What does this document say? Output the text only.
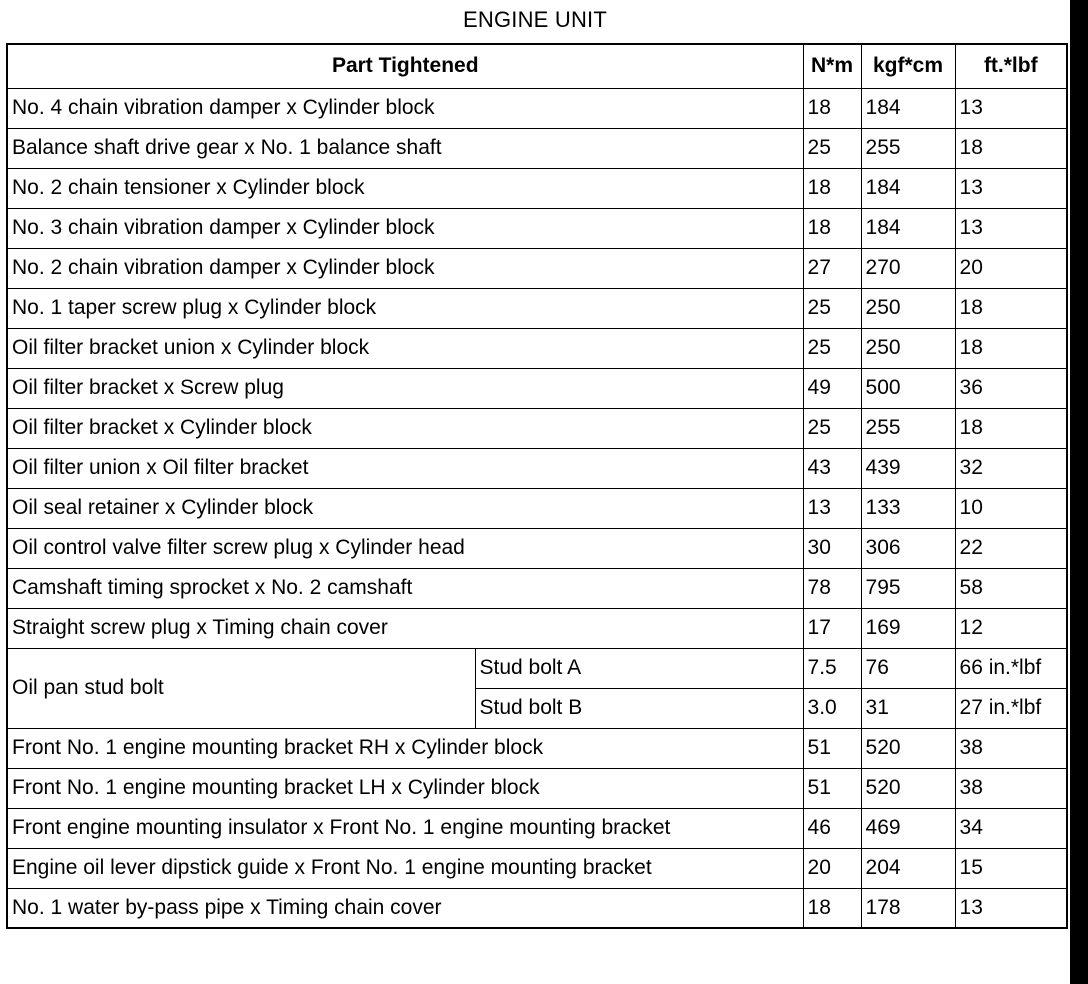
ENGINE UNIT
Part Tightened		N*m	kgf*cm	ft.*lbf
No. 4 chain vibration damper x Cylinder block		18	184	13
Balance shaft drive gear x No. 1 balance shaft		25	255	18
No. 2 chain tensioner x Cylinder block		18	184	13
No. 3 chain vibration damper x Cylinder block		18	184	13
No. 2 chain vibration damper x Cylinder block		27	270	20
No. 1 taper screw plug x Cylinder block		25	250	18
Oil filter bracket union x Cylinder block		25	250	18
Oil filter bracket x Screw plug		49	500	36
Oil filter bracket x Cylinder block		25	255	18
Oil filter union x Oil filter bracket		43	439	32
Oil seal retainer x Cylinder block		13	133	10
Oil control valve filter screw plug x Cylinder head		30	306	22
Camshaft timing sprocket x No. 2 camshaft		78	795	58
Straight screw plug x Timing chain cover		17	169	12
Oil pan stud bolt	Stud bolt A	7.5	76	66 in.*lbf
	Stud bolt B	3.0	31	27 in.*lbf
Front No. 1 engine mounting bracket RH x Cylinder block		51	520	38
Front No. 1 engine mounting bracket LH x Cylinder block		51	520	38
Front engine mounting insulator x Front No. 1 engine mounting bracket		46	469	34
Engine oil lever dipstick guide x Front No. 1 engine mounting bracket		20	204	15
No. 1 water by-pass pipe x Timing chain cover		18	178	13
